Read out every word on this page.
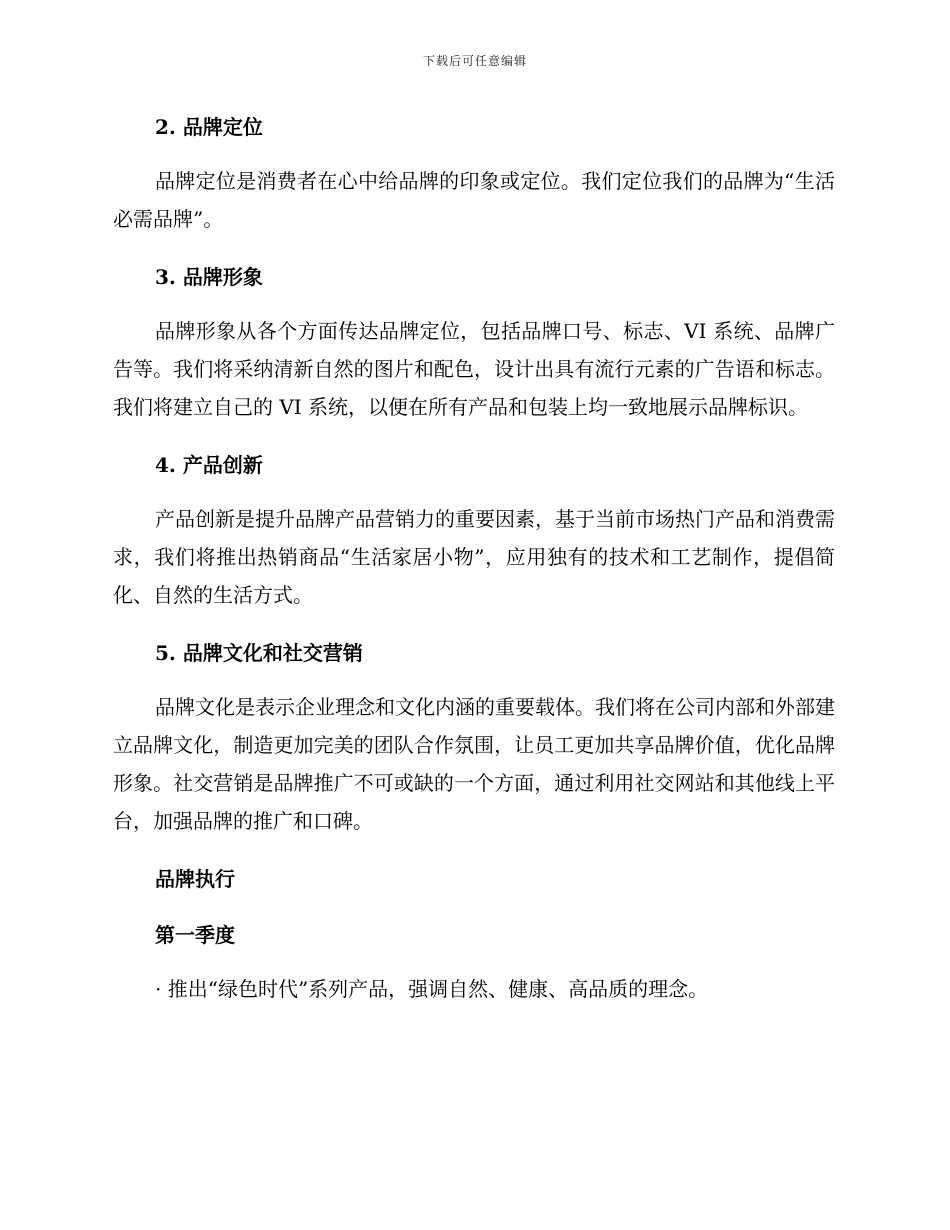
下载后可任意编辑
2. 品牌定位

品牌定位是消费者在心中给品牌的印象或定位。我们定位我们的品牌为“生活必需品牌”。

3. 品牌形象

品牌形象从各个方面传达品牌定位，包括品牌口号、标志、VI 系统、品牌广告等。我们将采纳清新自然的图片和配色，设计出具有流行元素的广告语和标志。我们将建立自己的 VI 系统，以便在所有产品和包装上均一致地展示品牌标识。

4. 产品创新

产品创新是提升品牌产品营销力的重要因素，基于当前市场热门产品和消费需求，我们将推出热销商品“生活家居小物”，应用独有的技术和工艺制作，提倡简化、自然的生活方式。

5. 品牌文化和社交营销

品牌文化是表示企业理念和文化内涵的重要载体。我们将在公司内部和外部建立品牌文化，制造更加完美的团队合作氛围，让员工更加共享品牌价值，优化品牌形象。社交营销是品牌推广不可或缺的一个方面，通过利用社交网站和其他线上平台，加强品牌的推广和口碑。

品牌执行
第一季度

· 推出“绿色时代”系列产品，强调自然、健康、高品质的理念。
